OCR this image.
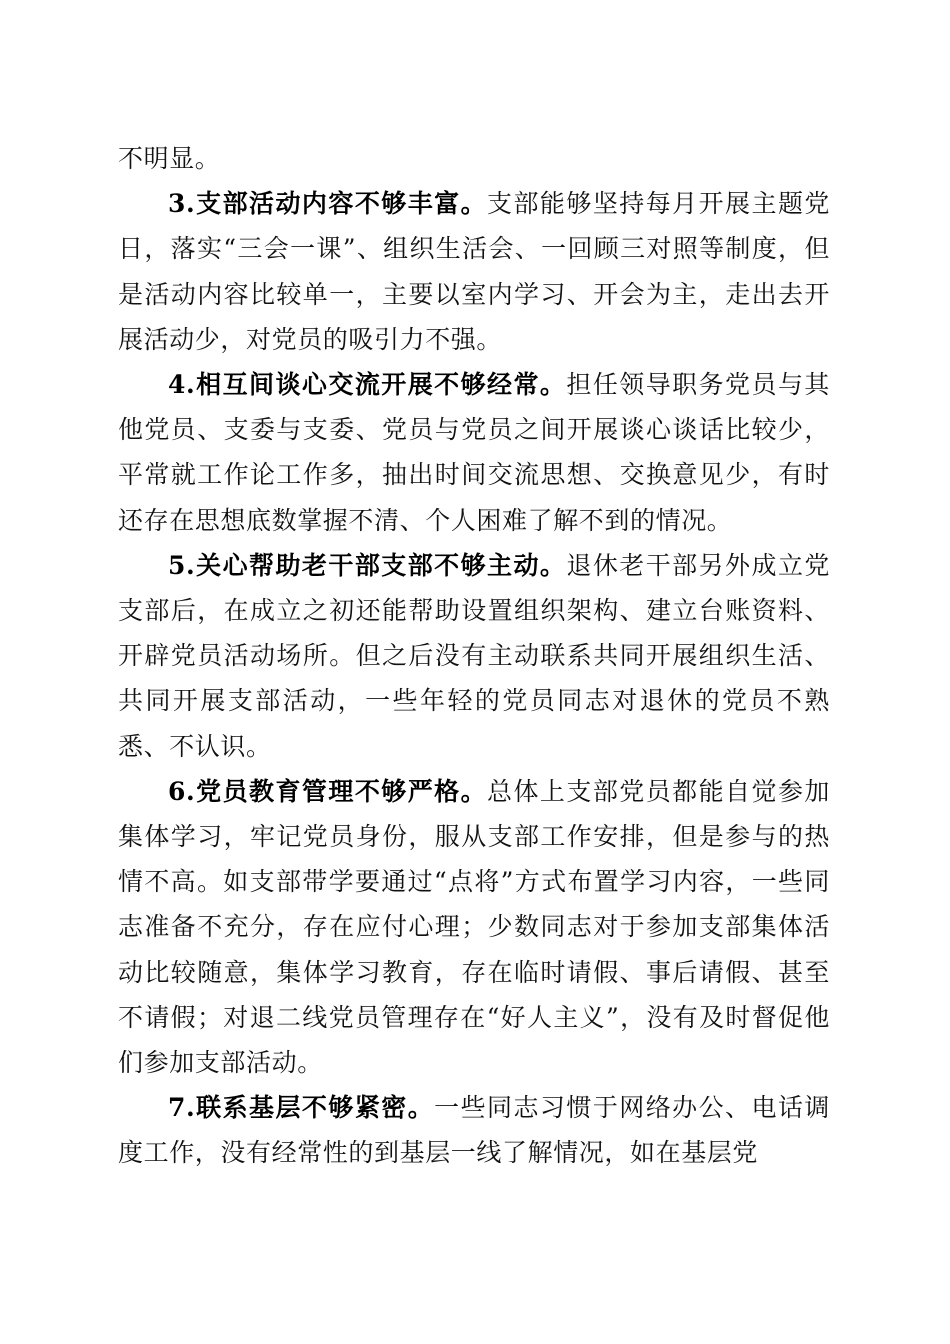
不明显。

3.支部活动内容不够丰富。支部能够坚持每月开展主题党日，落实“三会一课”、组织生活会、一回顾三对照等制度，但是活动内容比较单一，主要以室内学习、开会为主，走出去开展活动少，对党员的吸引力不强。

4.相互间谈心交流开展不够经常。担任领导职务党员与其他党员、支委与支委、党员与党员之间开展谈心谈话比较少，平常就工作论工作多，抽出时间交流思想、交换意见少，有时还存在思想底数掌握不清、个人困难了解不到的情况。

5.关心帮助老干部支部不够主动。退休老干部另外成立党支部后，在成立之初还能帮助设置组织架构、建立台账资料、开辟党员活动场所。但之后没有主动联系共同开展组织生活、共同开展支部活动，一些年轻的党员同志对退休的党员不熟悉、不认识。

6.党员教育管理不够严格。总体上支部党员都能自觉参加集体学习，牢记党员身份，服从支部工作安排，但是参与的热情不高。如支部带学要通过“点将”方式布置学习内容，一些同志准备不充分，存在应付心理；少数同志对于参加支部集体活动比较随意，集体学习教育，存在临时请假、事后请假、甚至不请假；对退二线党员管理存在“好人主义”，没有及时督促他们参加支部活动。

7.联系基层不够紧密。一些同志习惯于网络办公、电话调度工作，没有经常性的到基层一线了解情况，如在基层党
